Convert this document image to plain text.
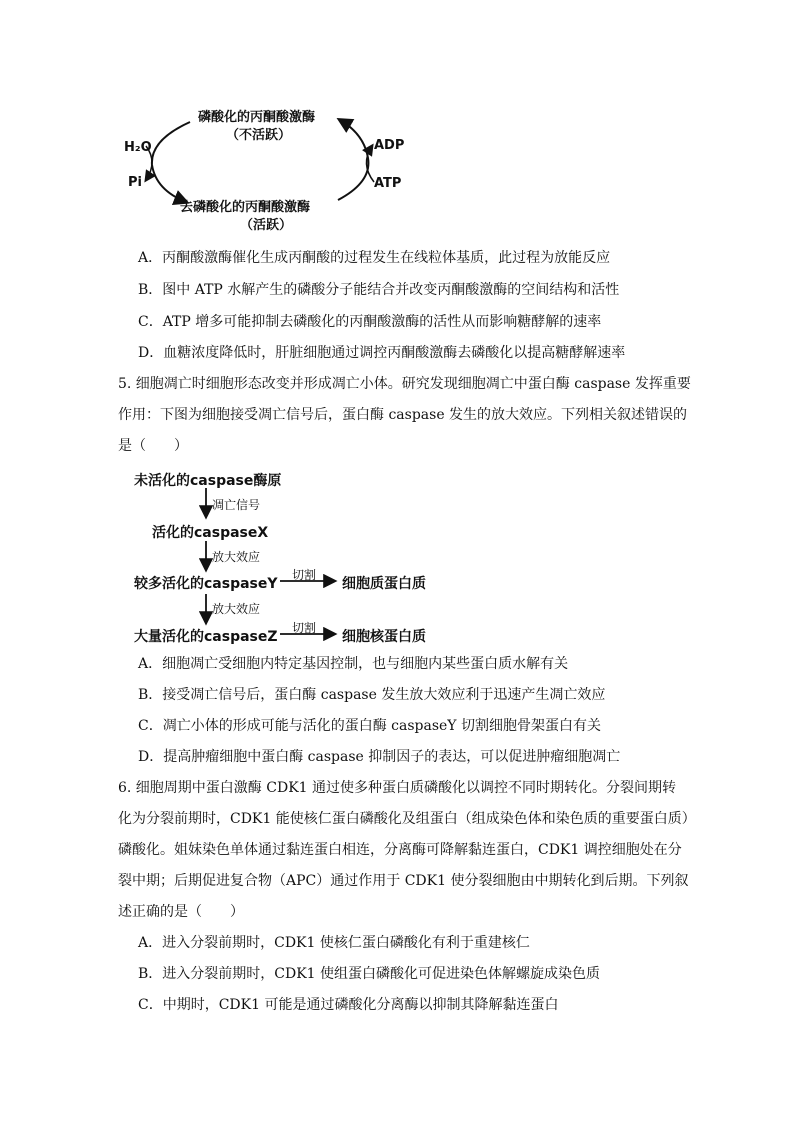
磷酸化的丙酮酸激酶
（不活跃）
去磷酸化的丙酮酸激酶
（活跃）
H₂O
Pi
ADP
ATP
A．丙酮酸激酶催化生成丙酮酸的过程发生在线粒体基质，此过程为放能反应
B．图中 ATP 水解产生的磷酸分子能结合并改变丙酮酸激酶的空间结构和活性
C．ATP 增多可能抑制去磷酸化的丙酮酸激酶的活性从而影响糖酵解的速率
D．血糖浓度降低时，肝脏细胞通过调控丙酮酸激酶去磷酸化以提高糖酵解速率
5. 细胞凋亡时细胞形态改变并形成凋亡小体。研究发现细胞凋亡中蛋白酶 caspase 发挥重要
作用：下图为细胞接受凋亡信号后，蛋白酶 caspase 发生的放大效应。下列相关叙述错误的
是（　　）
未活化的caspase酶原
凋亡信号
活化的caspaseX
放大效应
较多活化的caspaseY
切割
细胞质蛋白质
放大效应
大量活化的caspaseZ
切割
细胞核蛋白质
A．细胞凋亡受细胞内特定基因控制，也与细胞内某些蛋白质水解有关
B．接受凋亡信号后，蛋白酶 caspase 发生放大效应利于迅速产生凋亡效应
C．凋亡小体的形成可能与活化的蛋白酶 caspaseY 切割细胞骨架蛋白有关
D．提高肿瘤细胞中蛋白酶 caspase 抑制因子的表达，可以促进肿瘤细胞凋亡
6. 细胞周期中蛋白激酶 CDK1 通过使多种蛋白质磷酸化以调控不同时期转化。分裂间期转
化为分裂前期时，CDK1 能使核仁蛋白磷酸化及组蛋白（组成染色体和染色质的重要蛋白质）
磷酸化。姐妹染色单体通过黏连蛋白相连，分离酶可降解黏连蛋白，CDK1 调控细胞处在分
裂中期；后期促进复合物（APC）通过作用于 CDK1 使分裂细胞由中期转化到后期。下列叙
述正确的是（　　）
A．进入分裂前期时，CDK1 使核仁蛋白磷酸化有利于重建核仁
B．进入分裂前期时，CDK1 使组蛋白磷酸化可促进染色体解螺旋成染色质
C．中期时，CDK1 可能是通过磷酸化分离酶以抑制其降解黏连蛋白
